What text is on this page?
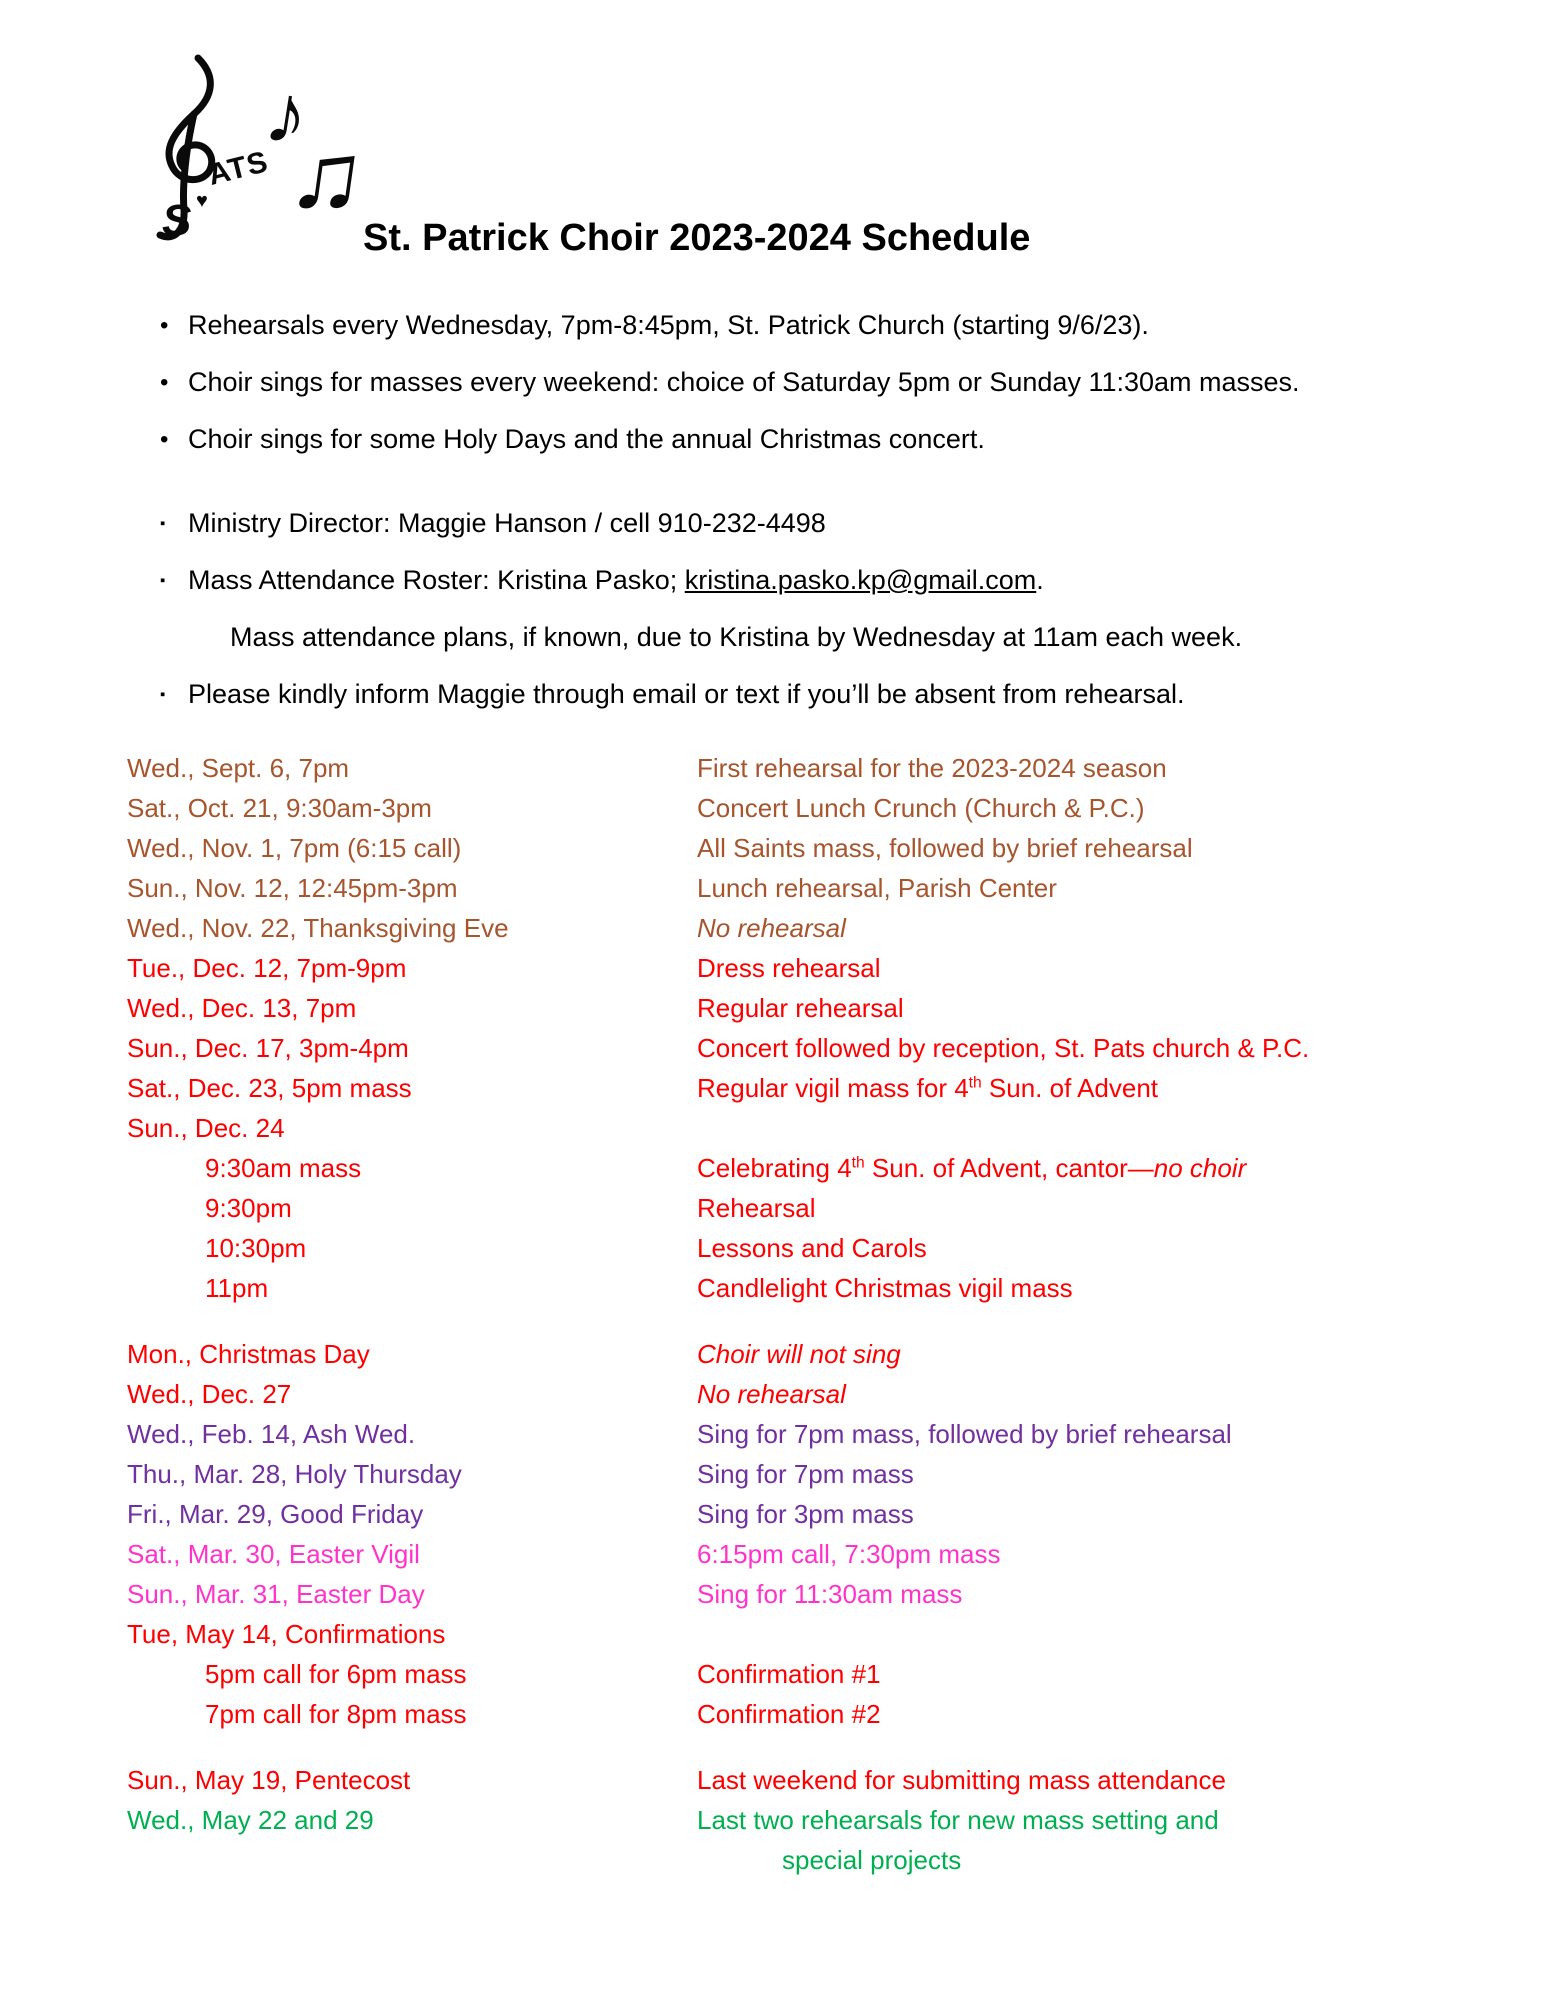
S ♥
ATS
♪
♫
St. Patrick Choir 2023-2024 Schedule
• Rehearsals every Wednesday, 7pm-8:45pm, St. Patrick Church (starting 9/6/23).
• Choir sings for masses every weekend: choice of Saturday 5pm or Sunday 11:30am masses.
• Choir sings for some Holy Days and the annual Christmas concert.
▪ Ministry Director: Maggie Hanson / cell 910-232-4498
▪ Mass Attendance Roster: Kristina Pasko; kristina.pasko.kp@gmail.com.
Mass attendance plans, if known, due to Kristina by Wednesday at 11am each week.
▪ Please kindly inform Maggie through email or text if you’ll be absent from rehearsal.
Wed., Sept. 6, 7pm	First rehearsal for the 2023-2024 season
Sat., Oct. 21, 9:30am-3pm	Concert Lunch Crunch (Church & P.C.)
Wed., Nov. 1, 7pm (6:15 call)	All Saints mass, followed by brief rehearsal
Sun., Nov. 12, 12:45pm-3pm	Lunch rehearsal, Parish Center
Wed., Nov. 22, Thanksgiving Eve	No rehearsal
Tue., Dec. 12, 7pm-9pm	Dress rehearsal
Wed., Dec. 13, 7pm	Regular rehearsal
Sun., Dec. 17, 3pm-4pm	Concert followed by reception, St. Pats church & P.C.
Sat., Dec. 23, 5pm mass	Regular vigil mass for 4th Sun. of Advent
Sun., Dec. 24
9:30am mass	Celebrating 4th Sun. of Advent, cantor—no choir
9:30pm	Rehearsal
10:30pm	Lessons and Carols
11pm	Candlelight Christmas vigil mass
Mon., Christmas Day	Choir will not sing
Wed., Dec. 27	No rehearsal
Wed., Feb. 14, Ash Wed.	Sing for 7pm mass, followed by brief rehearsal
Thu., Mar. 28, Holy Thursday	Sing for 7pm mass
Fri., Mar. 29, Good Friday	Sing for 3pm mass
Sat., Mar. 30, Easter Vigil	6:15pm call, 7:30pm mass
Sun., Mar. 31, Easter Day	Sing for 11:30am mass
Tue, May 14, Confirmations
5pm call for 6pm mass	Confirmation #1
7pm call for 8pm mass	Confirmation #2
Sun., May 19, Pentecost	Last weekend for submitting mass attendance
Wed., May 22 and 29	Last two rehearsals for new mass setting and
special projects
